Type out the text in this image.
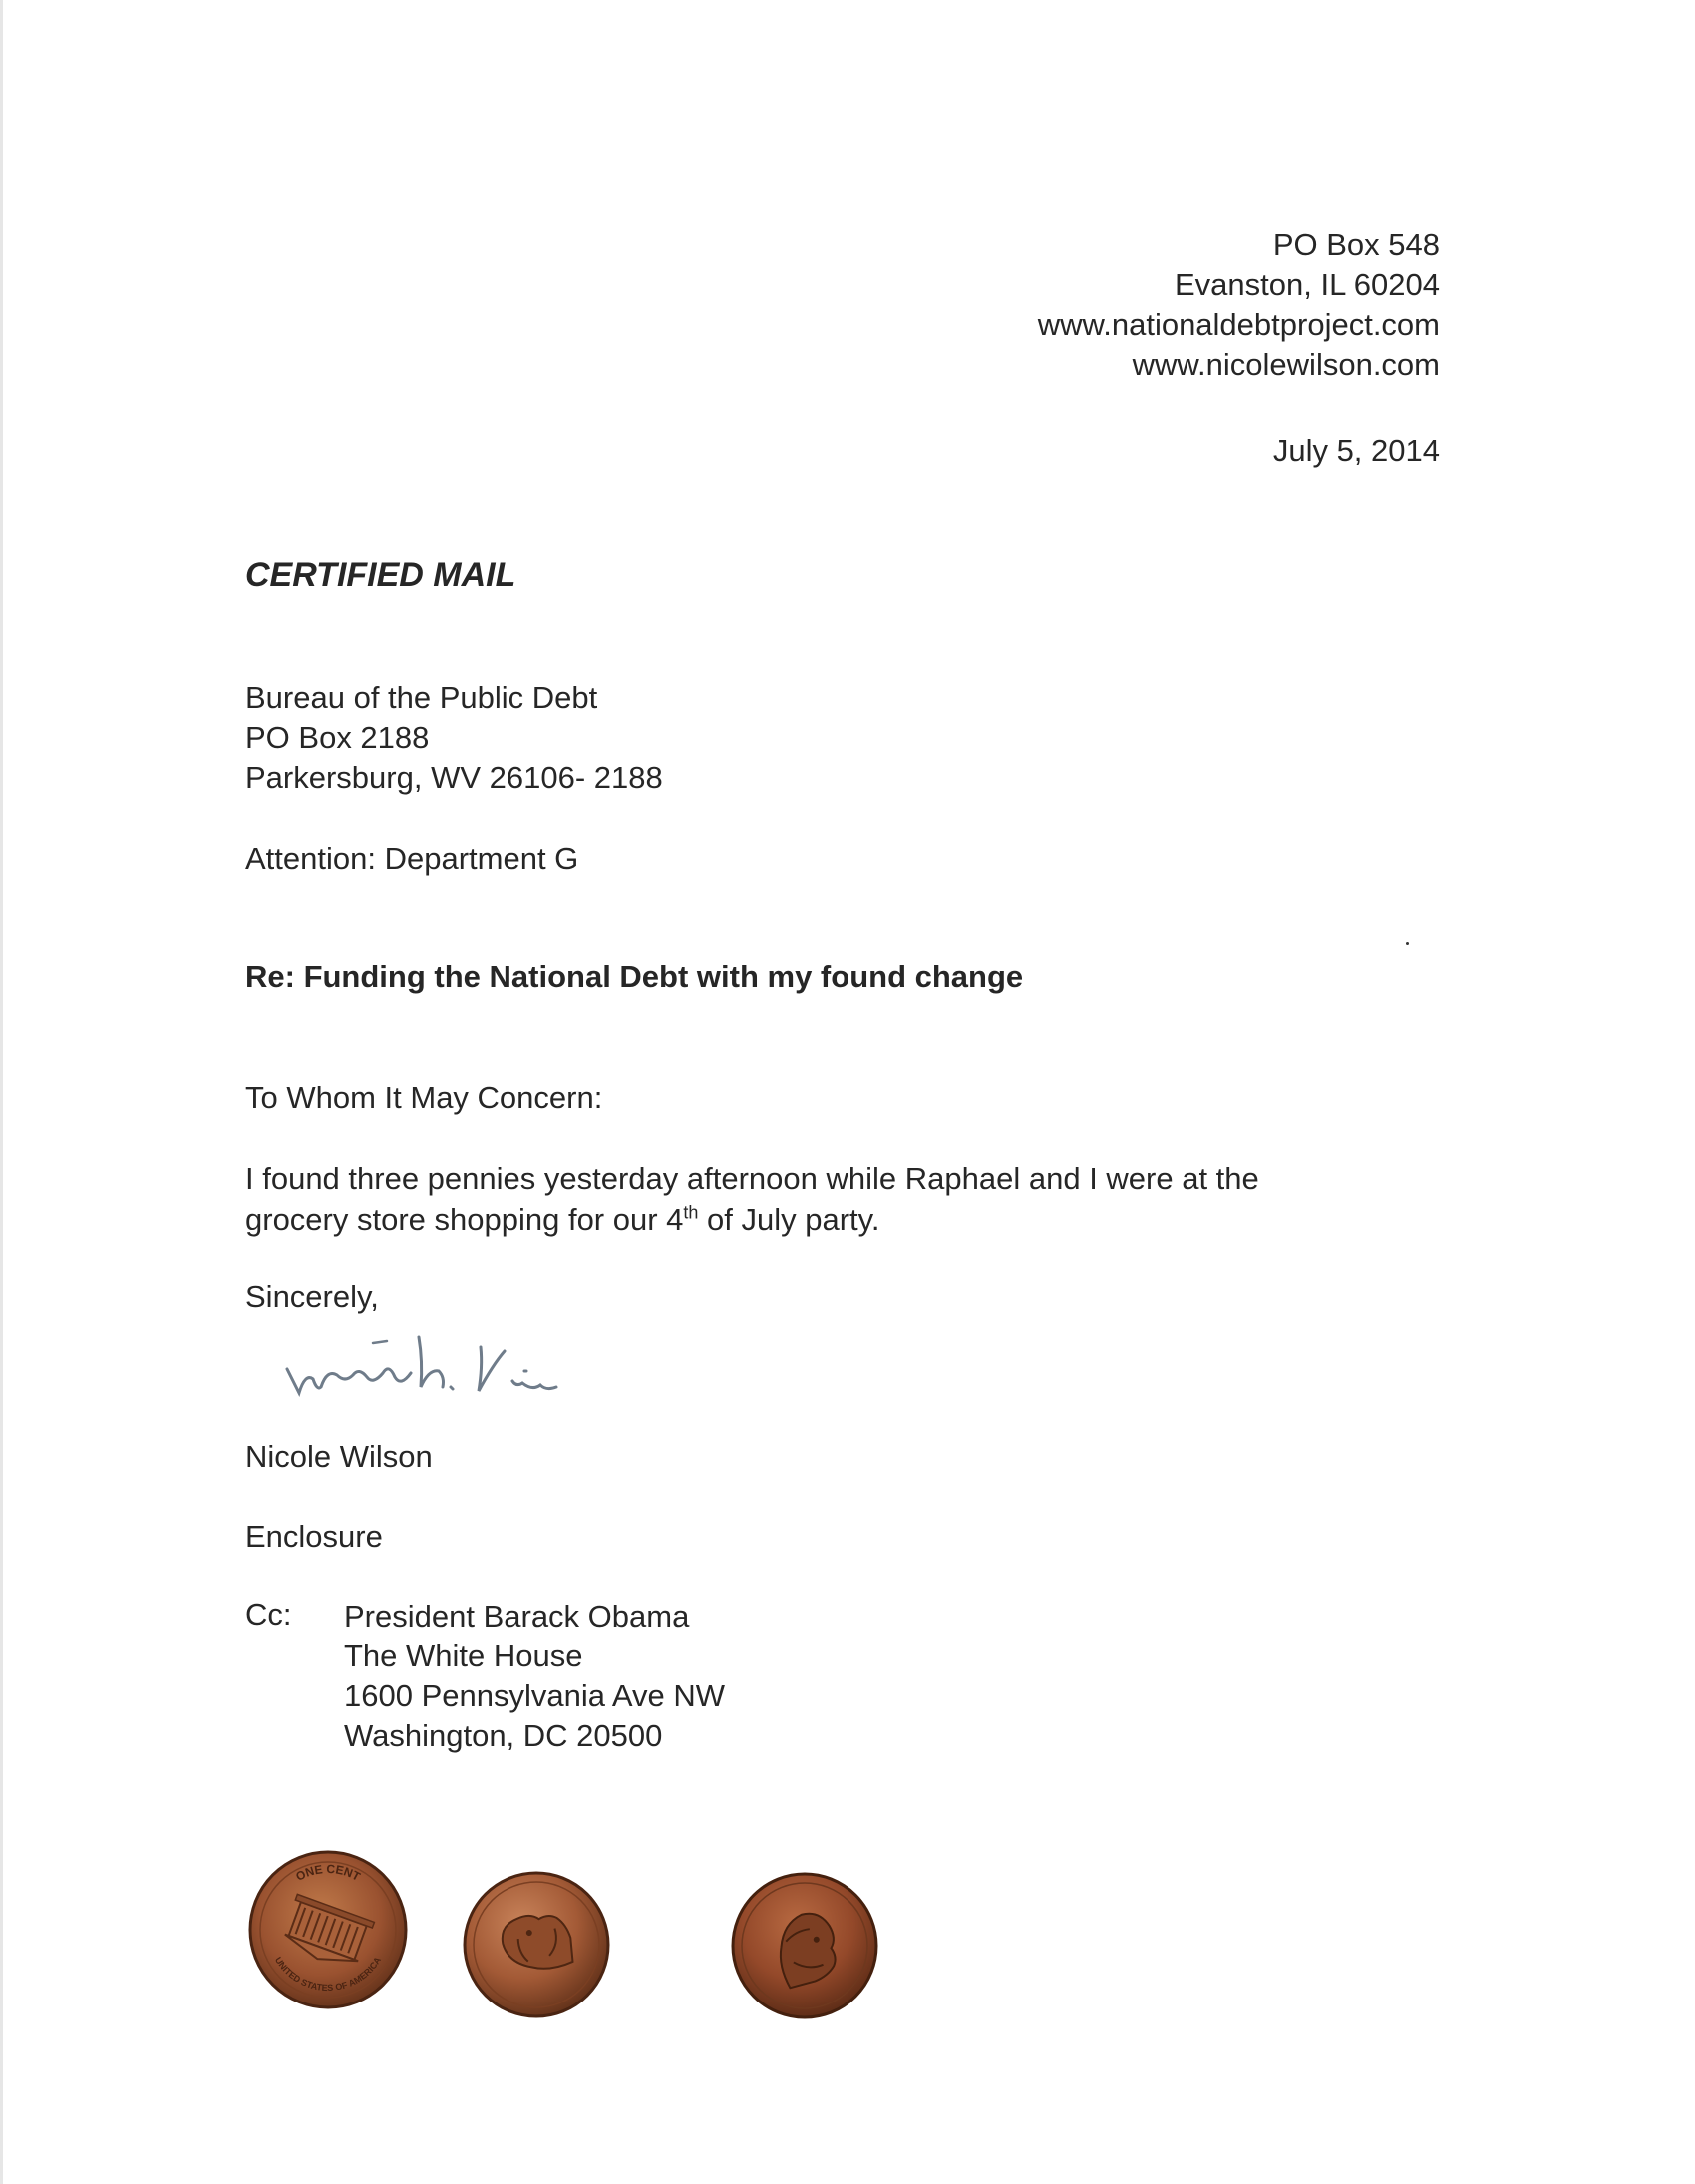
PO Box 548
Evanston, IL 60204
www.nationaldebtproject.com
www.nicolewilson.com
July 5, 2014
CERTIFIED MAIL
Bureau of the Public Debt
PO Box 2188
Parkersburg, WV 26106- 2188
Attention: Department G
Re: Funding the National Debt with my found change
To Whom It May Concern:
I found three pennies yesterday afternoon while Raphael and I were at the
grocery store shopping for our 4th of July party.
Sincerely,
Nicole Wilson
Enclosure
Cc: President Barack Obama
The White House
1600 Pennsylvania Ave NW
Washington, DC 20500
ONE CENT
UNITED STATES OF AMERICA
